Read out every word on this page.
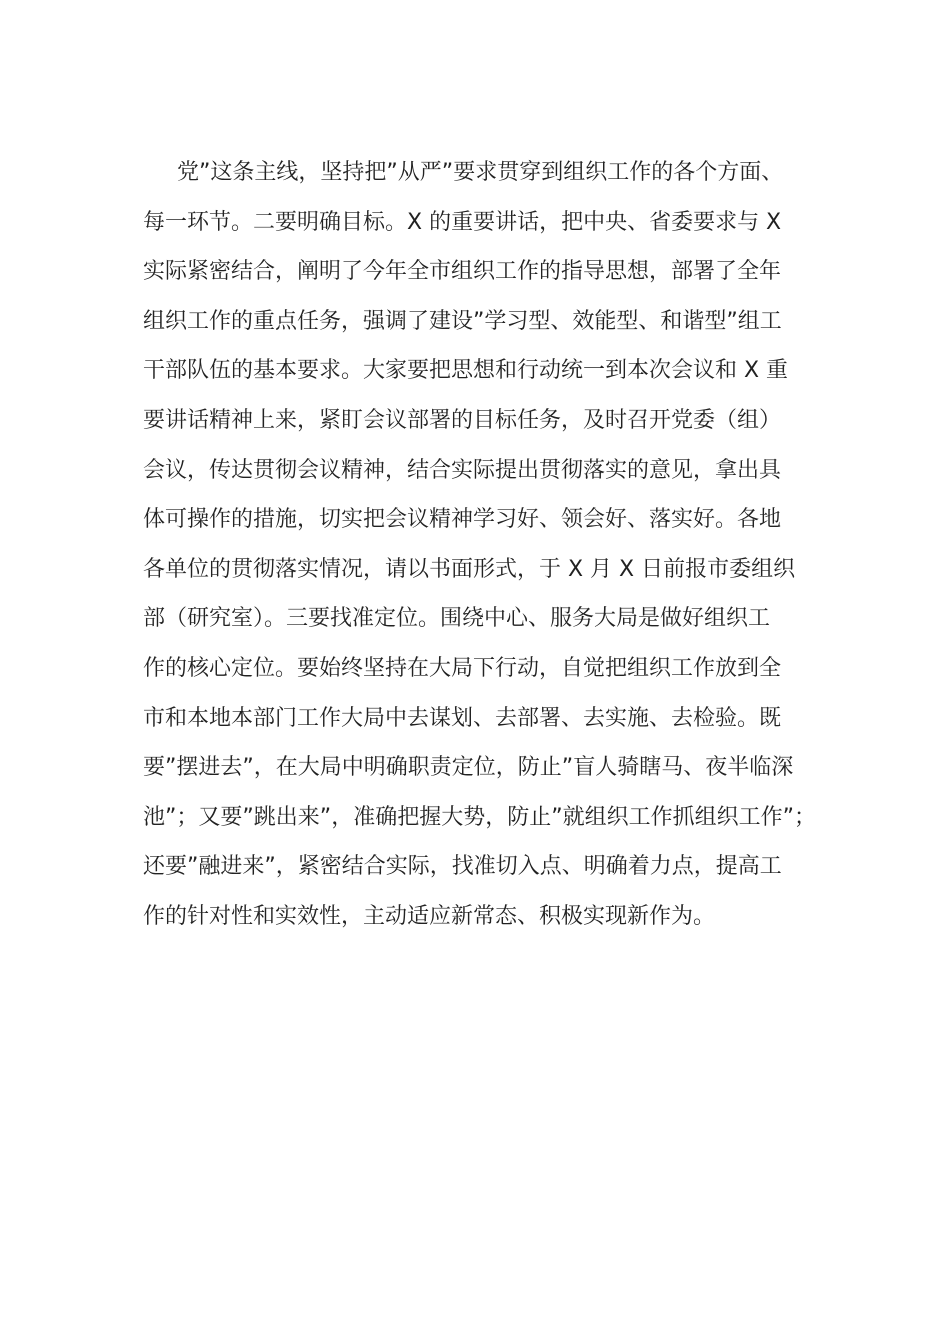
党”这条主线，坚持把”从严”要求贯穿到组织工作的各个方面、

每一环节。二要明确目标。X 的重要讲话，把中央、省委要求与 X

实际紧密结合，阐明了今年全市组织工作的指导思想，部署了全年

组织工作的重点任务，强调了建设”学习型、效能型、和谐型”组工

干部队伍的基本要求。大家要把思想和行动统一到本次会议和 X 重

要讲话精神上来，紧盯会议部署的目标任务，及时召开党委（组）

会议，传达贯彻会议精神，结合实际提出贯彻落实的意见，拿出具

体可操作的措施，切实把会议精神学习好、领会好、落实好。各地

各单位的贯彻落实情况，请以书面形式，于 X 月 X 日前报市委组织

部（研究室）。三要找准定位。围绕中心、服务大局是做好组织工

作的核心定位。要始终坚持在大局下行动，自觉把组织工作放到全

市和本地本部门工作大局中去谋划、去部署、去实施、去检验。既

要”摆进去”，在大局中明确职责定位，防止”盲人骑瞎马、夜半临深

池”；又要”跳出来”，准确把握大势，防止”就组织工作抓组织工作”；

还要”融进来”，紧密结合实际，找准切入点、明确着力点，提高工

作的针对性和实效性，主动适应新常态、积极实现新作为。
